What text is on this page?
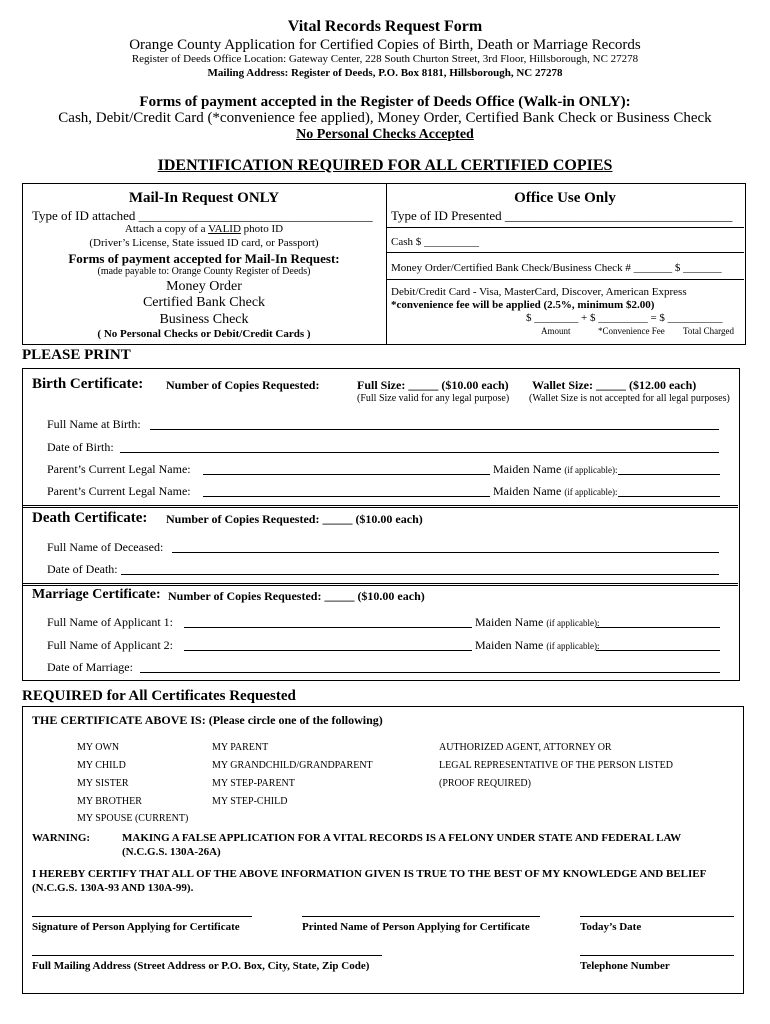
Vital Records Request Form
Orange County Application for Certified Copies of Birth, Death or Marriage Records
Register of Deeds Office Location: Gateway Center, 228 South Churton Street, 3rd Floor, Hillsborough, NC 27278
Mailing Address: Register of Deeds, P.O. Box 8181, Hillsborough, NC 27278
Forms of payment accepted in the Register of Deeds Office (Walk-in ONLY):
Cash, Debit/Credit Card (*convenience fee applied), Money Order, Certified Bank Check or Business Check
No Personal Checks Accepted
IDENTIFICATION REQUIRED FOR ALL CERTIFIED COPIES
Mail-In Request ONLY
Type of ID attached ____________________________________
Attach a copy of a VALID photo ID
(Driver’s License, State issued ID card, or Passport)
Forms of payment accepted for Mail-In Request:
(made payable to: Orange County Register of Deeds)
Money Order
Certified Bank Check
Business Check
( No Personal Checks or Debit/Credit Cards )
Office Use Only
Type of ID Presented ___________________________________
Cash $ __________
Money Order/Certified Bank Check/Business Check # _______ $ _______
Debit/Credit Card - Visa, MasterCard, Discover, American Express
*convenience fee will be applied (2.5%, minimum $2.00)
$ ________ + $ _________ = $ __________
Amount	*Convenience Fee Total Charged
PLEASE PRINT
Birth Certificate: Number of Copies Requested:	Full Size: _____ ($10.00 each)
(Full Size valid for any legal purpose)
Wallet Size: _____ ($12.00 each)
(Wallet Size is not accepted for all legal purposes)
Full Name at Birth:
Date of Birth:
Parent’s Current Legal Name:	Maiden Name (if applicable):
Parent’s Current Legal Name:	Maiden Name (if applicable):
Death Certificate: Number of Copies Requested: _____ ($10.00 each)
Full Name of Deceased:
Date of Death:
Marriage Certificate: Number of Copies Requested: _____ ($10.00 each)
Full Name of Applicant 1:	Maiden Name (if applicable):
Full Name of Applicant 2:	Maiden Name (if applicable):
Date of Marriage:
REQUIRED for All Certificates Requested
THE CERTIFICATE ABOVE IS: (Please circle one of the following)
MY OWN
MY CHILD
MY SISTER
MY BROTHER
MY SPOUSE (CURRENT)
MY PARENT
MY GRANDCHILD/GRANDPARENT
MY STEP-PARENT
MY STEP-CHILD
AUTHORIZED AGENT, ATTORNEY OR
LEGAL REPRESENTATIVE OF THE PERSON LISTED
(PROOF REQUIRED)
WARNING:	MAKING A FALSE APPLICATION FOR A VITAL RECORDS IS A FELONY UNDER STATE AND FEDERAL LAW
(N.C.G.S. 130A-26A)
I HEREBY CERTIFY THAT ALL OF THE ABOVE INFORMATION GIVEN IS TRUE TO THE BEST OF MY KNOWLEDGE AND BELIEF
(N.C.G.S. 130A-93 AND 130A-99).
Signature of Person Applying for Certificate	Printed Name of Person Applying for Certificate	Today’s Date
Full Mailing Address (Street Address or P.O. Box, City, State, Zip Code)	Telephone Number
